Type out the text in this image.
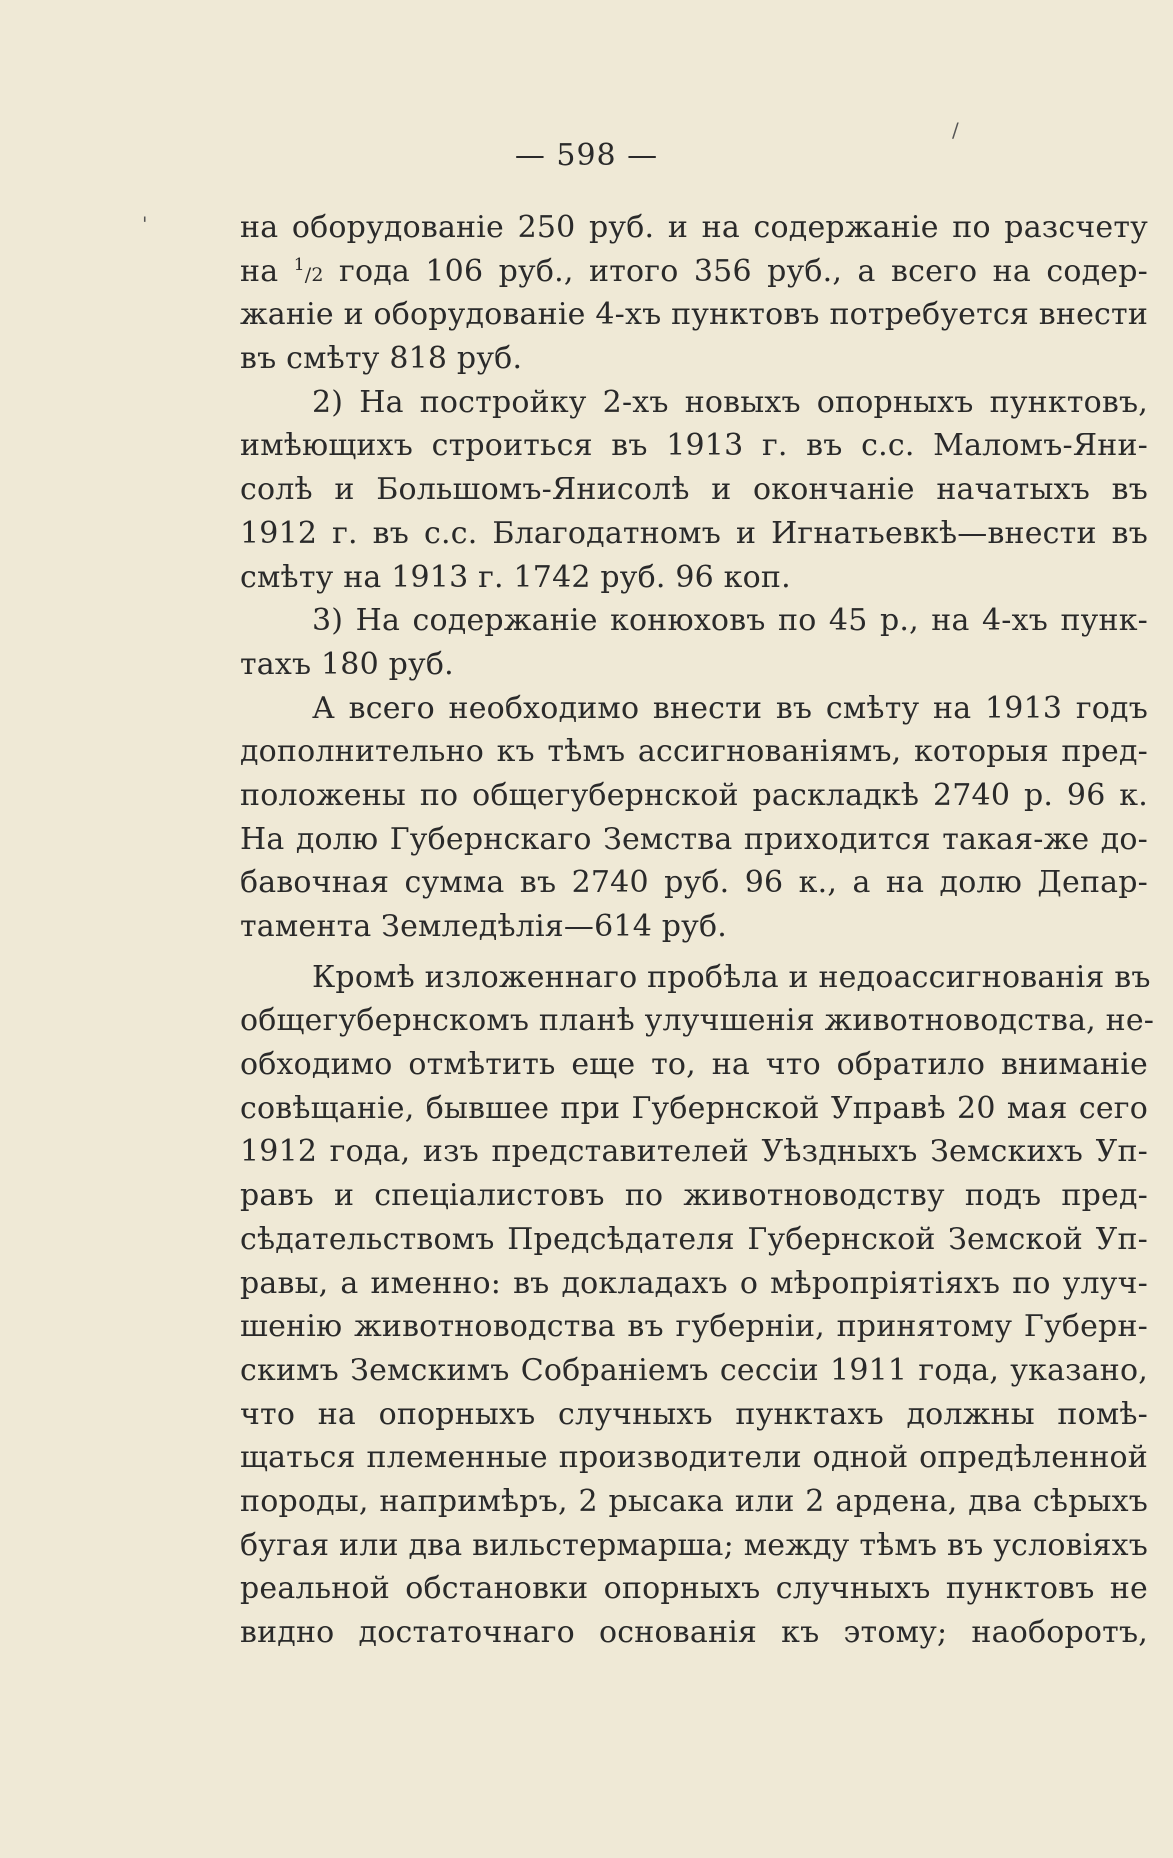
'
/
— 598 —
на оборудованіе 250 руб. и на содержаніе по разсчету
на $^1$/2 года 106 руб., итого 356 руб., а всего на содер-
жаніе и оборудованіе 4-хъ пунктовъ потребуется внести
въ смѣту 818 руб.
2) На постройку 2-хъ новыхъ опорныхъ пунктовъ,
имѣющихъ строиться въ 1913 г. въ с.с. Маломъ-Яни-
солѣ и Большомъ-Янисолѣ и окончаніе начатыхъ въ
1912 г. въ с.с. Благодатномъ и Игнатьевкѣ—внести въ
смѣту на 1913 г. 1742 руб. 96 коп.
3) На содержаніе конюховъ по 45 р., на 4-хъ пунк-
тахъ 180 руб.
А всего необходимо внести въ смѣту на 1913 годъ
дополнительно къ тѣмъ ассигнованіямъ, которыя пред-
положены по общегубернской раскладкѣ 2740 р. 96 к.
На долю Губернскаго Земства приходится такая-же до-
бавочная сумма въ 2740 руб. 96 к., а на долю Депар-
тамента Земледѣлія—614 руб.
Кромѣ изложеннаго пробѣла и недоассигнованія въ
общегубернскомъ планѣ улучшенія животноводства, не-
обходимо отмѣтить еще то, на что обратило вниманіе
совѣщаніе, бывшее при Губернской Управѣ 20 мая сего
1912 года, изъ представителей Уѣздныхъ Земскихъ Уп-
равъ и спеціалистовъ по животноводству подъ пред-
сѣдательствомъ Предсѣдателя Губернской Земской Уп-
равы, а именно: въ докладахъ о мѣропріятіяхъ по улуч-
шенію животноводства въ губерніи, принятому Губерн-
скимъ Земскимъ Собраніемъ сессіи 1911 года, указано,
что на опорныхъ случныхъ пунктахъ должны помѣ-
щаться племенные производители одной опредѣленной
породы, напримѣръ, 2 рысака или 2 ардена, два сѣрыхъ
бугая или два вильстермарша; между тѣмъ въ условіяхъ
реальной обстановки опорныхъ случныхъ пунктовъ не
видно достаточнаго основанія къ этому; наоборотъ,
